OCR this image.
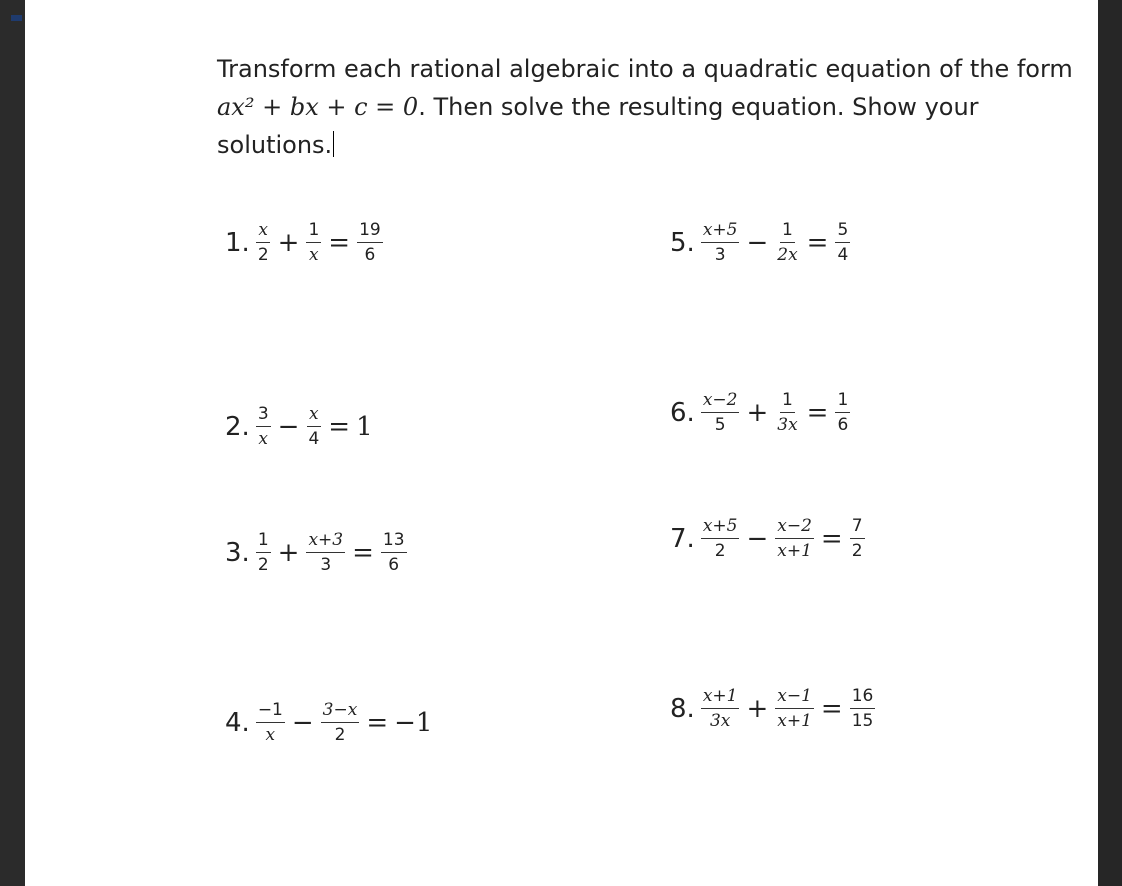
Transform each rational algebraic into a quadratic equation of the form
ax² + bx + c = 0. Then solve the resulting equation. Show your
solutions.
1. $\frac{x}{2} + \frac{1}{x} = \frac{19}{6}$
2. $\frac{3}{x} - \frac{x}{4} = 1$
3. $\frac{1}{2} + \frac{x+3}{3} = \frac{13}{6}$
4. $\frac{-1}{x} - \frac{3-x}{2} = -1$
5. $\frac{x+5}{3} - \frac{1}{2x} = \frac{5}{4}$
6. $\frac{x-2}{5} + \frac{1}{3x} = \frac{1}{6}$
7. $\frac{x+5}{2} - \frac{x-2}{x+1} = \frac{7}{2}$
8. $\frac{x+1}{3x} + \frac{x-1}{x+1} = \frac{16}{15}$
